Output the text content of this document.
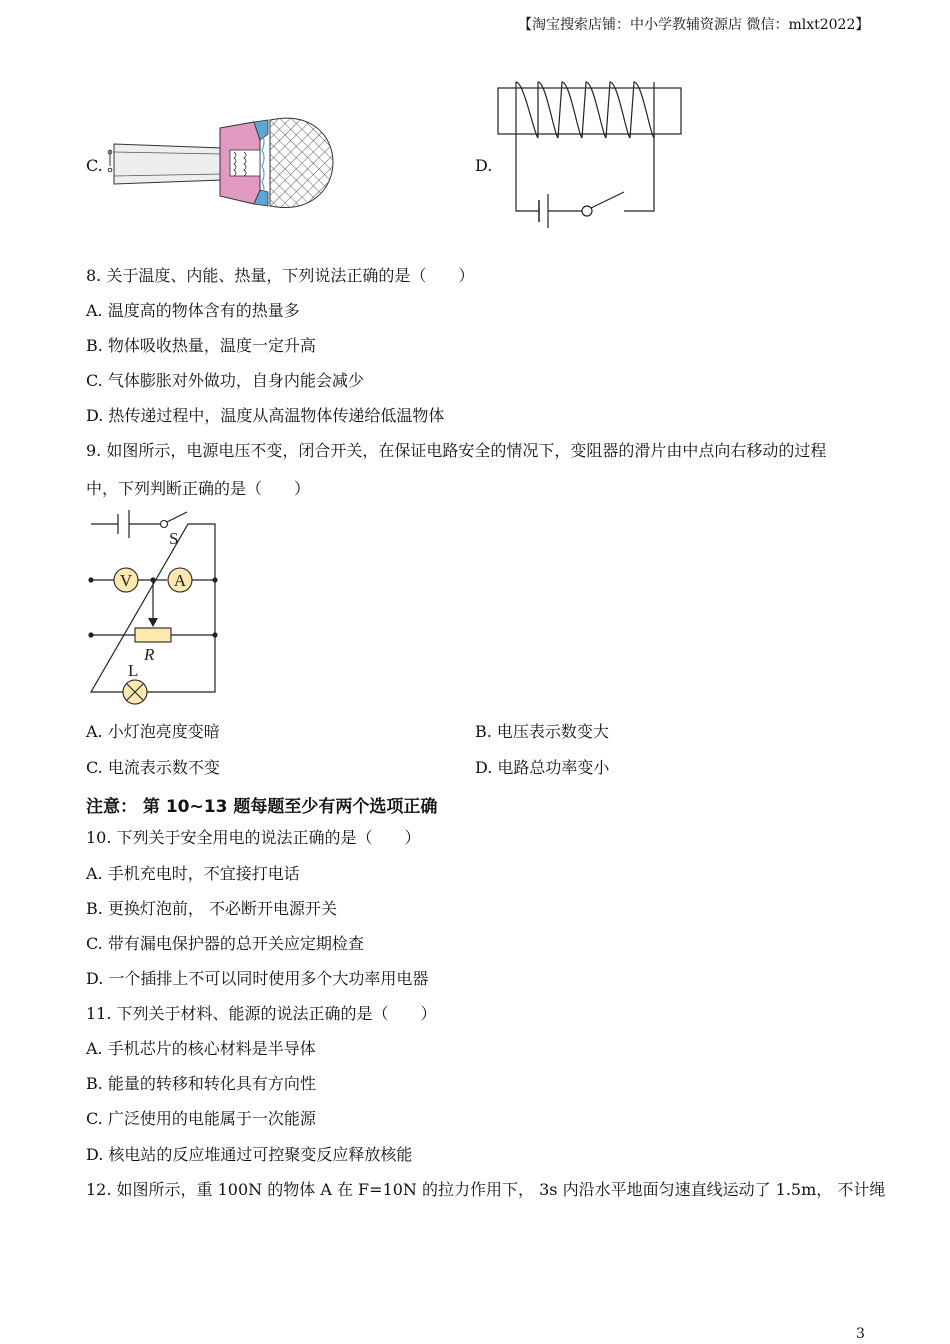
【淘宝搜索店铺：中小学教辅资源店 微信：mlxt2022】
C.	D.
8. 关于温度、内能、热量，下列说法正确的是（　　）
A. 温度高的物体含有的热量多
B. 物体吸收热量，温度一定升高
C. 气体膨胀对外做功，自身内能会减少
D. 热传递过程中，温度从高温物体传递给低温物体
9. 如图所示，电源电压不变，闭合开关，在保证电路安全的情况下，变阻器的滑片由中点向右移动的过程
中，下列判断正确的是（　　）
S
V A
R
L
A. 小灯泡亮度变暗	B. 电压表示数变大
C. 电流表示数不变	D. 电路总功率变小
注意： 第 10~13 题每题至少有两个选项正确
10. 下列关于安全用电的说法正确的是（　　）
A. 手机充电时，不宜接打电话
B. 更换灯泡前， 不必断开电源开关
C. 带有漏电保护器的总开关应定期检查
D. 一个插排上不可以同时使用多个大功率用电器
11. 下列关于材料、能源的说法正确的是（　　）
A. 手机芯片的核心材料是半导体
B. 能量的转移和转化具有方向性
C. 广泛使用的电能属于一次能源
D. 核电站的反应堆通过可控聚变反应释放核能
12. 如图所示，重 100N 的物体 A 在 F=10N 的拉力作用下， 3s 内沿水平地面匀速直线运动了 1.5m， 不计绳
3
